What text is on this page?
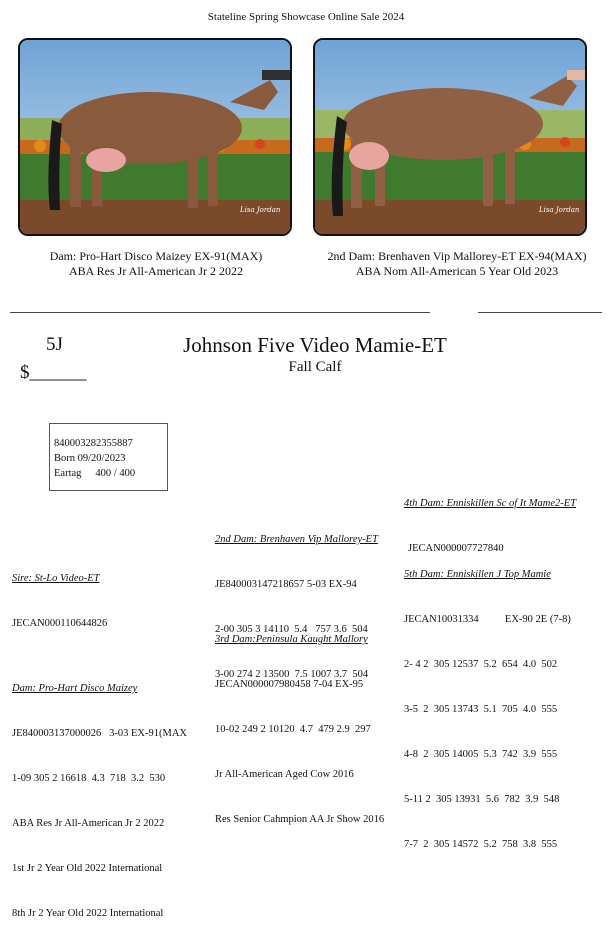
Stateline Spring Showcase Online Sale 2024
Lisa Jordan
Dam: Pro-Hart Disco Maizey EX-91(MAX)
ABA Res Jr All-American Jr 2 2022
Lisa Jordan
2nd Dam: Brenhaven Vip Mallorey-ET EX-94(MAX)
ABA Nom All-American 5 Year Old 2023
5J
$______
Johnson Five Video Mamie-ET
Fall Calf
840003282355887
Born 09/20/2023
Eartag 400 / 400

4th Dam: Enniskillen Sc of It Mame2-ET

JECAN000007727840

2nd Dam: Brenhaven Vip Mallorey-ET

JE840003147218657 5-03 EX-94

2-00 305 3 14110  5.4   757 3.6  504

3-00 274 2 13500  7.5 1007 3.7  504

Sire: St-Lo Video-ET

JECAN000110644826

5th Dam: Enniskillen J Top Mamie

JECAN10031334          EX-90 2E (7-8)

2- 4 2  305 12537  5.2  654  4.0  502

3-5  2  305 13743  5.1  705  4.0  555

4-8  2  305 14005  5.3  742  3.9  555

5-11 2  305 13931  5.6  782  3.9  548

7-7  2  305 14572  5.2  758  3.8  555

3rd Dam:Peninsula Kaught Mallory

JECAN000007980458 7-04 EX-95

10-02 249 2 10120  4.7  479 2.9  297

Jr All-American Aged Cow 2016

Res Senior Cahmpion AA Jr Show 2016

Dam: Pro-Hart Disco Maizey

JE840003137000026   3-03 EX-91(MAX

1-09 305 2 16618  4.3  718  3.2  530

ABA Res Jr All-American Jr 2 2022

1st Jr 2 Year Old 2022 International

8th Jr 2 Year Old 2022 International
